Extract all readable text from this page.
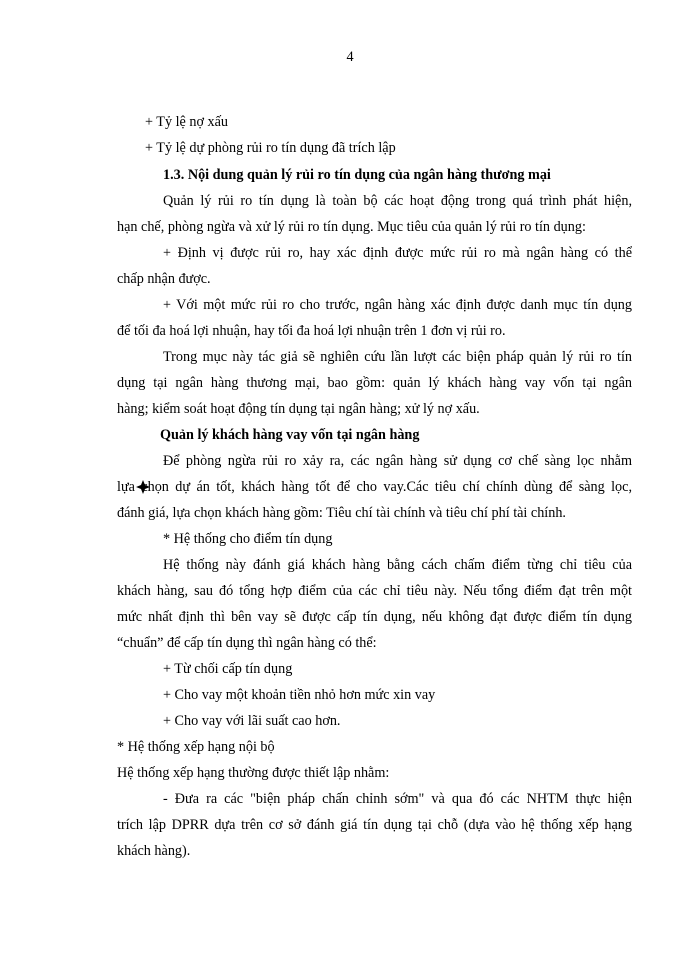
4
+ Tỷ lệ nợ xấu
+ Tỷ lệ dự phòng rủi ro tín dụng đã trích lập
1.3. Nội dung quản lý rủi ro tín dụng của ngân hàng thương mại
Quản lý rủi ro tín dụng là toàn bộ các hoạt động trong quá trình phát hiện,
hạn chế, phòng ngừa và xử lý rủi ro tín dụng. Mục tiêu của quản lý rủi ro tín dụng:
+ Định vị được rủi ro, hay xác định được mức rủi ro mà ngân hàng có thể
chấp nhận được.
+ Với một mức rủi ro cho trước, ngân hàng xác định được danh mục tín dụng
để tối đa hoá lợi nhuận, hay tối đa hoá lợi nhuận trên 1 đơn vị rủi ro.
Trong mục này tác giả sẽ nghiên cứu lần lượt các biện pháp quản lý rủi ro tín
dụng tại ngân hàng thương mại, bao gồm: quản lý khách hàng vay vốn tại ngân
hàng; kiểm soát hoạt động tín dụng tại ngân hàng; xử lý nợ xấu.
Quản lý khách hàng vay vốn tại ngân hàng
Để phòng ngừa rủi ro xảy ra, các ngân hàng sử dụng cơ chế sàng lọc nhằm
lựa chọn dự án tốt, khách hàng tốt để cho vay.Các tiêu chí chính dùng để sàng lọc,
đánh giá, lựa chọn khách hàng gồm: Tiêu chí tài chính và tiêu chí phí tài chính.
* Hệ thống cho điểm tín dụng
Hệ thống này đánh giá khách hàng bằng cách chấm điểm từng chỉ tiêu của
khách hàng, sau đó tổng hợp điểm của các chỉ tiêu này. Nếu tổng điểm đạt trên một
mức nhất định thì bên vay sẽ được cấp tín dụng, nếu không đạt được điểm tín dụng
“chuẩn” để cấp tín dụng thì ngân hàng có thể:
+ Từ chối cấp tín dụng
+ Cho vay một khoản tiền nhỏ hơn mức xin vay
+ Cho vay với lãi suất cao hơn.
* Hệ thống xếp hạng nội bộ
Hệ thống xếp hạng thường được thiết lập nhằm:
- Đưa ra các "biện pháp chấn chỉnh sớm" và qua đó các NHTM thực hiện
trích lập DPRR dựa trên cơ sở đánh giá tín dụng tại chỗ (dựa vào hệ thống xếp hạng
khách hàng).
